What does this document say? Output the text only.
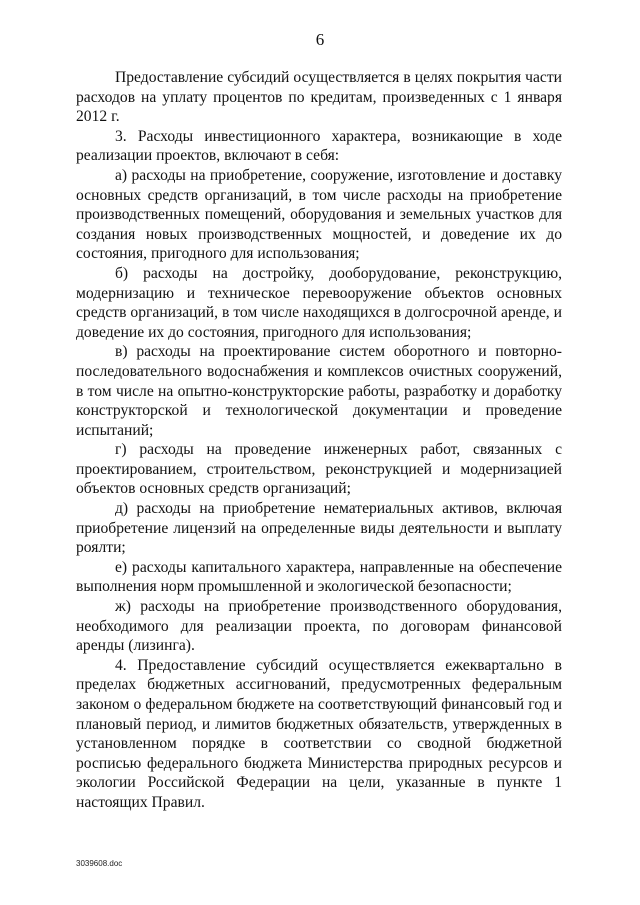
6

Предоставление субсидий осуществляется в целях покрытия части расходов на уплату процентов по кредитам, произведенных с 1 января 2012 г.

3. Расходы инвестиционного характера, возникающие в ходе реализации проектов, включают в себя:

а) расходы на приобретение, сооружение, изготовление и доставку основных средств организаций, в том числе расходы на приобретение производственных помещений, оборудования и земельных участков для создания новых производственных мощностей, и доведение их до состояния, пригодного для использования;

б) расходы на достройку, дооборудование, реконструкцию, модернизацию и техническое перевооружение объектов основных средств организаций, в том числе находящихся в долгосрочной аренде, и доведение их до состояния, пригодного для использования;

в) расходы на проектирование систем оборотного и повторно-последовательного водоснабжения и комплексов очистных сооружений, в том числе на опытно-конструкторские работы, разработку и доработку конструкторской и технологической документации и проведение испытаний;

г) расходы на проведение инженерных работ, связанных с проектированием, строительством, реконструкцией и модернизацией объектов основных средств организаций;

д) расходы на приобретение нематериальных активов, включая приобретение лицензий на определенные виды деятельности и выплату роялти;

е) расходы капитального характера, направленные на обеспечение выполнения норм промышленной и экологической безопасности;

ж) расходы на приобретение производственного оборудования, необходимого для реализации проекта, по договорам финансовой аренды (лизинга).

4. Предоставление субсидий осуществляется ежеквартально в пределах бюджетных ассигнований, предусмотренных федеральным законом о федеральном бюджете на соответствующий финансовый год и плановый период, и лимитов бюджетных обязательств, утвержденных в установленном порядке в соответствии со сводной бюджетной росписью федерального бюджета Министерства природных ресурсов и экологии Российской Федерации на цели, указанные в пункте 1 настоящих Правил.

3039608.doc
